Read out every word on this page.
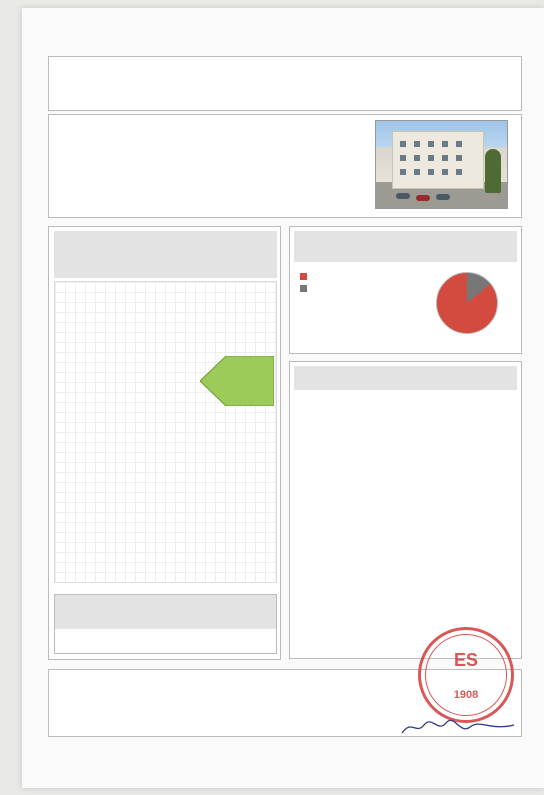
ES
1908
